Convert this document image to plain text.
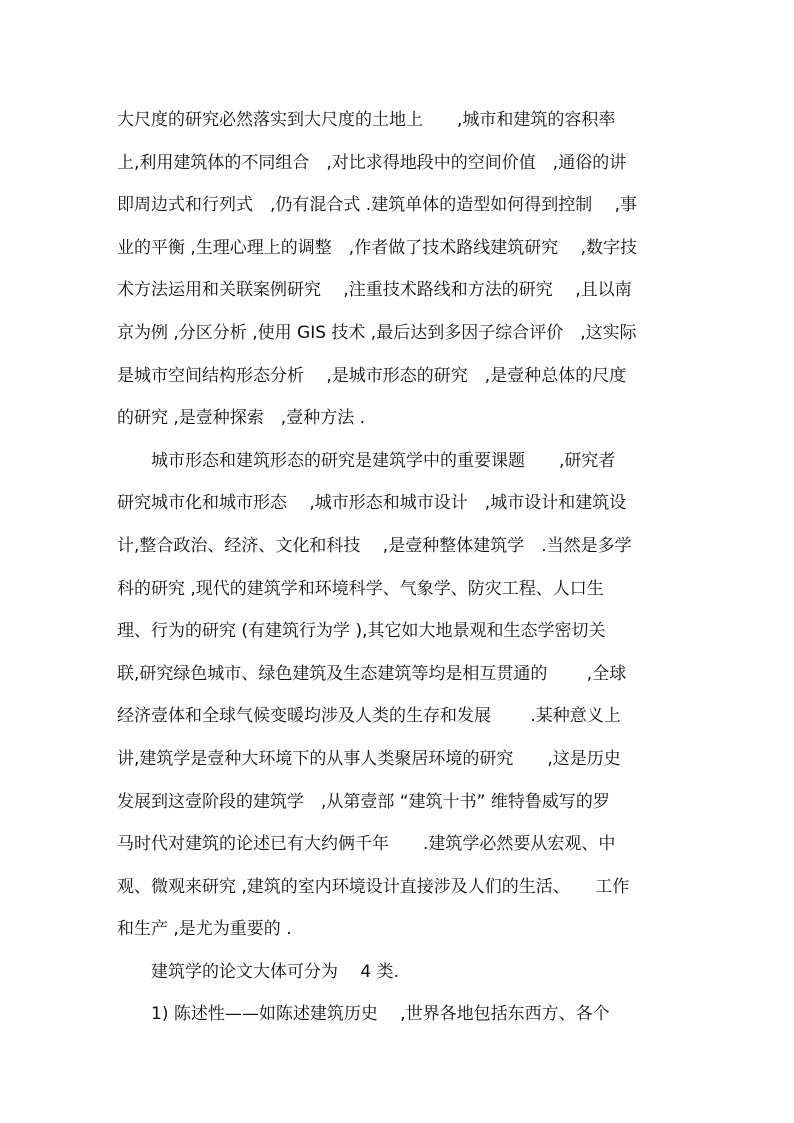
大尺度的研究必然落实到大尺度的土地上　　,城市和建筑的容积率
上,利用建筑体的不同组合　,对比求得地段中的空间价值　,通俗的讲
即周边式和行列式　,仍有混合式 .建筑单体的造型如何得到控制　 ,事
业的平衡 ,生理心理上的调整　,作者做了技术路线建筑研究　 ,数字技
术方法运用和关联案例研究　 ,注重技术路线和方法的研究　 ,且以南
京为例 ,分区分析 ,使用 GIS 技术 ,最后达到多因子综合评价　,这实际
是城市空间结构形态分析　 ,是城市形态的研究　,是壹种总体的尺度
的研究 ,是壹种探索　,壹种方法 .
　　城市形态和建筑形态的研究是建筑学中的重要课题　　,研究者
研究城市化和城市形态　 ,城市形态和城市设计　,城市设计和建筑设
计,整合政治、经济、文化和科技　 ,是壹种整体建筑学　.当然是多学
科的研究 ,现代的建筑学和环境科学、气象学、防灾工程、人口生
理、行为的研究 (有建筑行为学 ),其它如大地景观和生态学密切关
联,研究绿色城市、绿色建筑及生态建筑等均是相互贯通的　　 ,全球
经济壹体和全球气候变暖均涉及人类的生存和发展　　 .某种意义上
讲,建筑学是壹种大环境下的从事人类聚居环境的研究　　,这是历史
发展到这壹阶段的建筑学　,从第壹部 “建筑十书” 维特鲁威写的罗
马时代对建筑的论述已有大约俩千年　　.建筑学必然要从宏观、中
观、微观来研究 ,建筑的室内环境设计直接涉及人们的生活、　　工作
和生产 ,是尤为重要的 .
　　建筑学的论文大体可分为　 4 类.
　　1) 陈述性——如陈述建筑历史　 ,世界各地包括东西方、各个
